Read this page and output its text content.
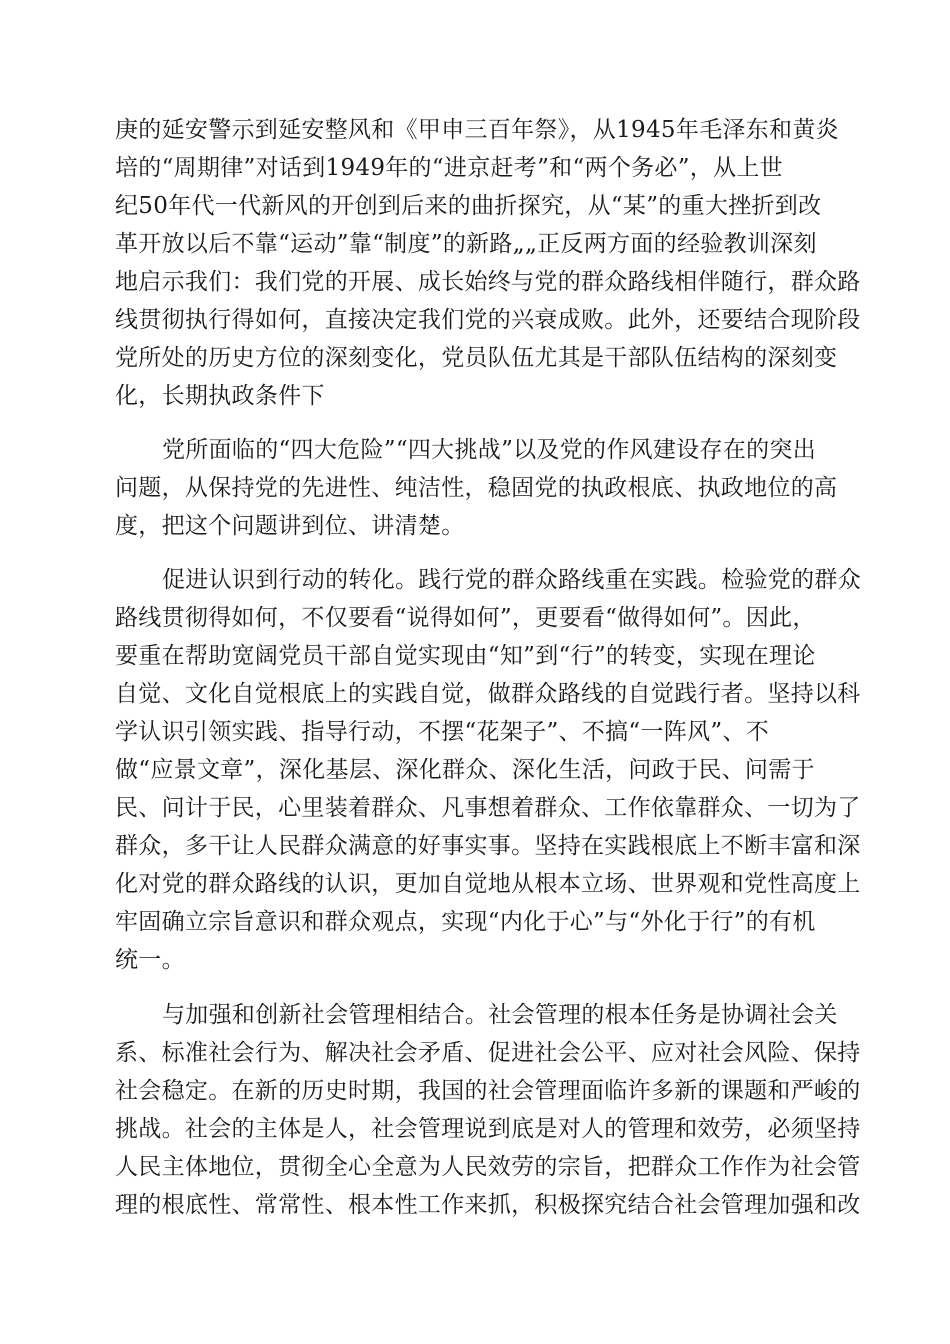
庚的延安警示到延安整风和《甲申三百年祭》，从1945年毛泽东和黄炎
培的“周期律”对话到1949年的“进京赶考”和“两个务必”，从上世
纪50年代一代新风的开创到后来的曲折探究，从“某”的重大挫折到改
革开放以后不靠“运动”靠“制度”的新路„„正反两方面的经验教训深刻
地启示我们：我们党的开展、成长始终与党的群众路线相伴随行，群众路
线贯彻执行得如何，直接决定我们党的兴衰成败。此外，还要结合现阶段
党所处的历史方位的深刻变化，党员队伍尤其是干部队伍结构的深刻变
化，长期执政条件下
党所面临的“四大危险”“四大挑战”以及党的作风建设存在的突出
问题，从保持党的先进性、纯洁性，稳固党的执政根底、执政地位的高
度，把这个问题讲到位、讲清楚。
促进认识到行动的转化。践行党的群众路线重在实践。检验党的群众
路线贯彻得如何，不仅要看“说得如何”，更要看“做得如何”。因此，
要重在帮助宽阔党员干部自觉实现由“知”到“行”的转变，实现在理论
自觉、文化自觉根底上的实践自觉，做群众路线的自觉践行者。坚持以科
学认识引领实践、指导行动，不摆“花架子”、不搞“一阵风”、不
做“应景文章”，深化基层、深化群众、深化生活，问政于民、问需于
民、问计于民，心里装着群众、凡事想着群众、工作依靠群众、一切为了
群众，多干让人民群众满意的好事实事。坚持在实践根底上不断丰富和深
化对党的群众路线的认识，更加自觉地从根本立场、世界观和党性高度上
牢固确立宗旨意识和群众观点，实现“内化于心”与“外化于行”的有机
统一。
与加强和创新社会管理相结合。社会管理的根本任务是协调社会关
系、标准社会行为、解决社会矛盾、促进社会公平、应对社会风险、保持
社会稳定。在新的历史时期，我国的社会管理面临许多新的课题和严峻的
挑战。社会的主体是人，社会管理说到底是对人的管理和效劳，必须坚持
人民主体地位，贯彻全心全意为人民效劳的宗旨，把群众工作作为社会管
理的根底性、常常性、根本性工作来抓，积极探究结合社会管理加强和改
